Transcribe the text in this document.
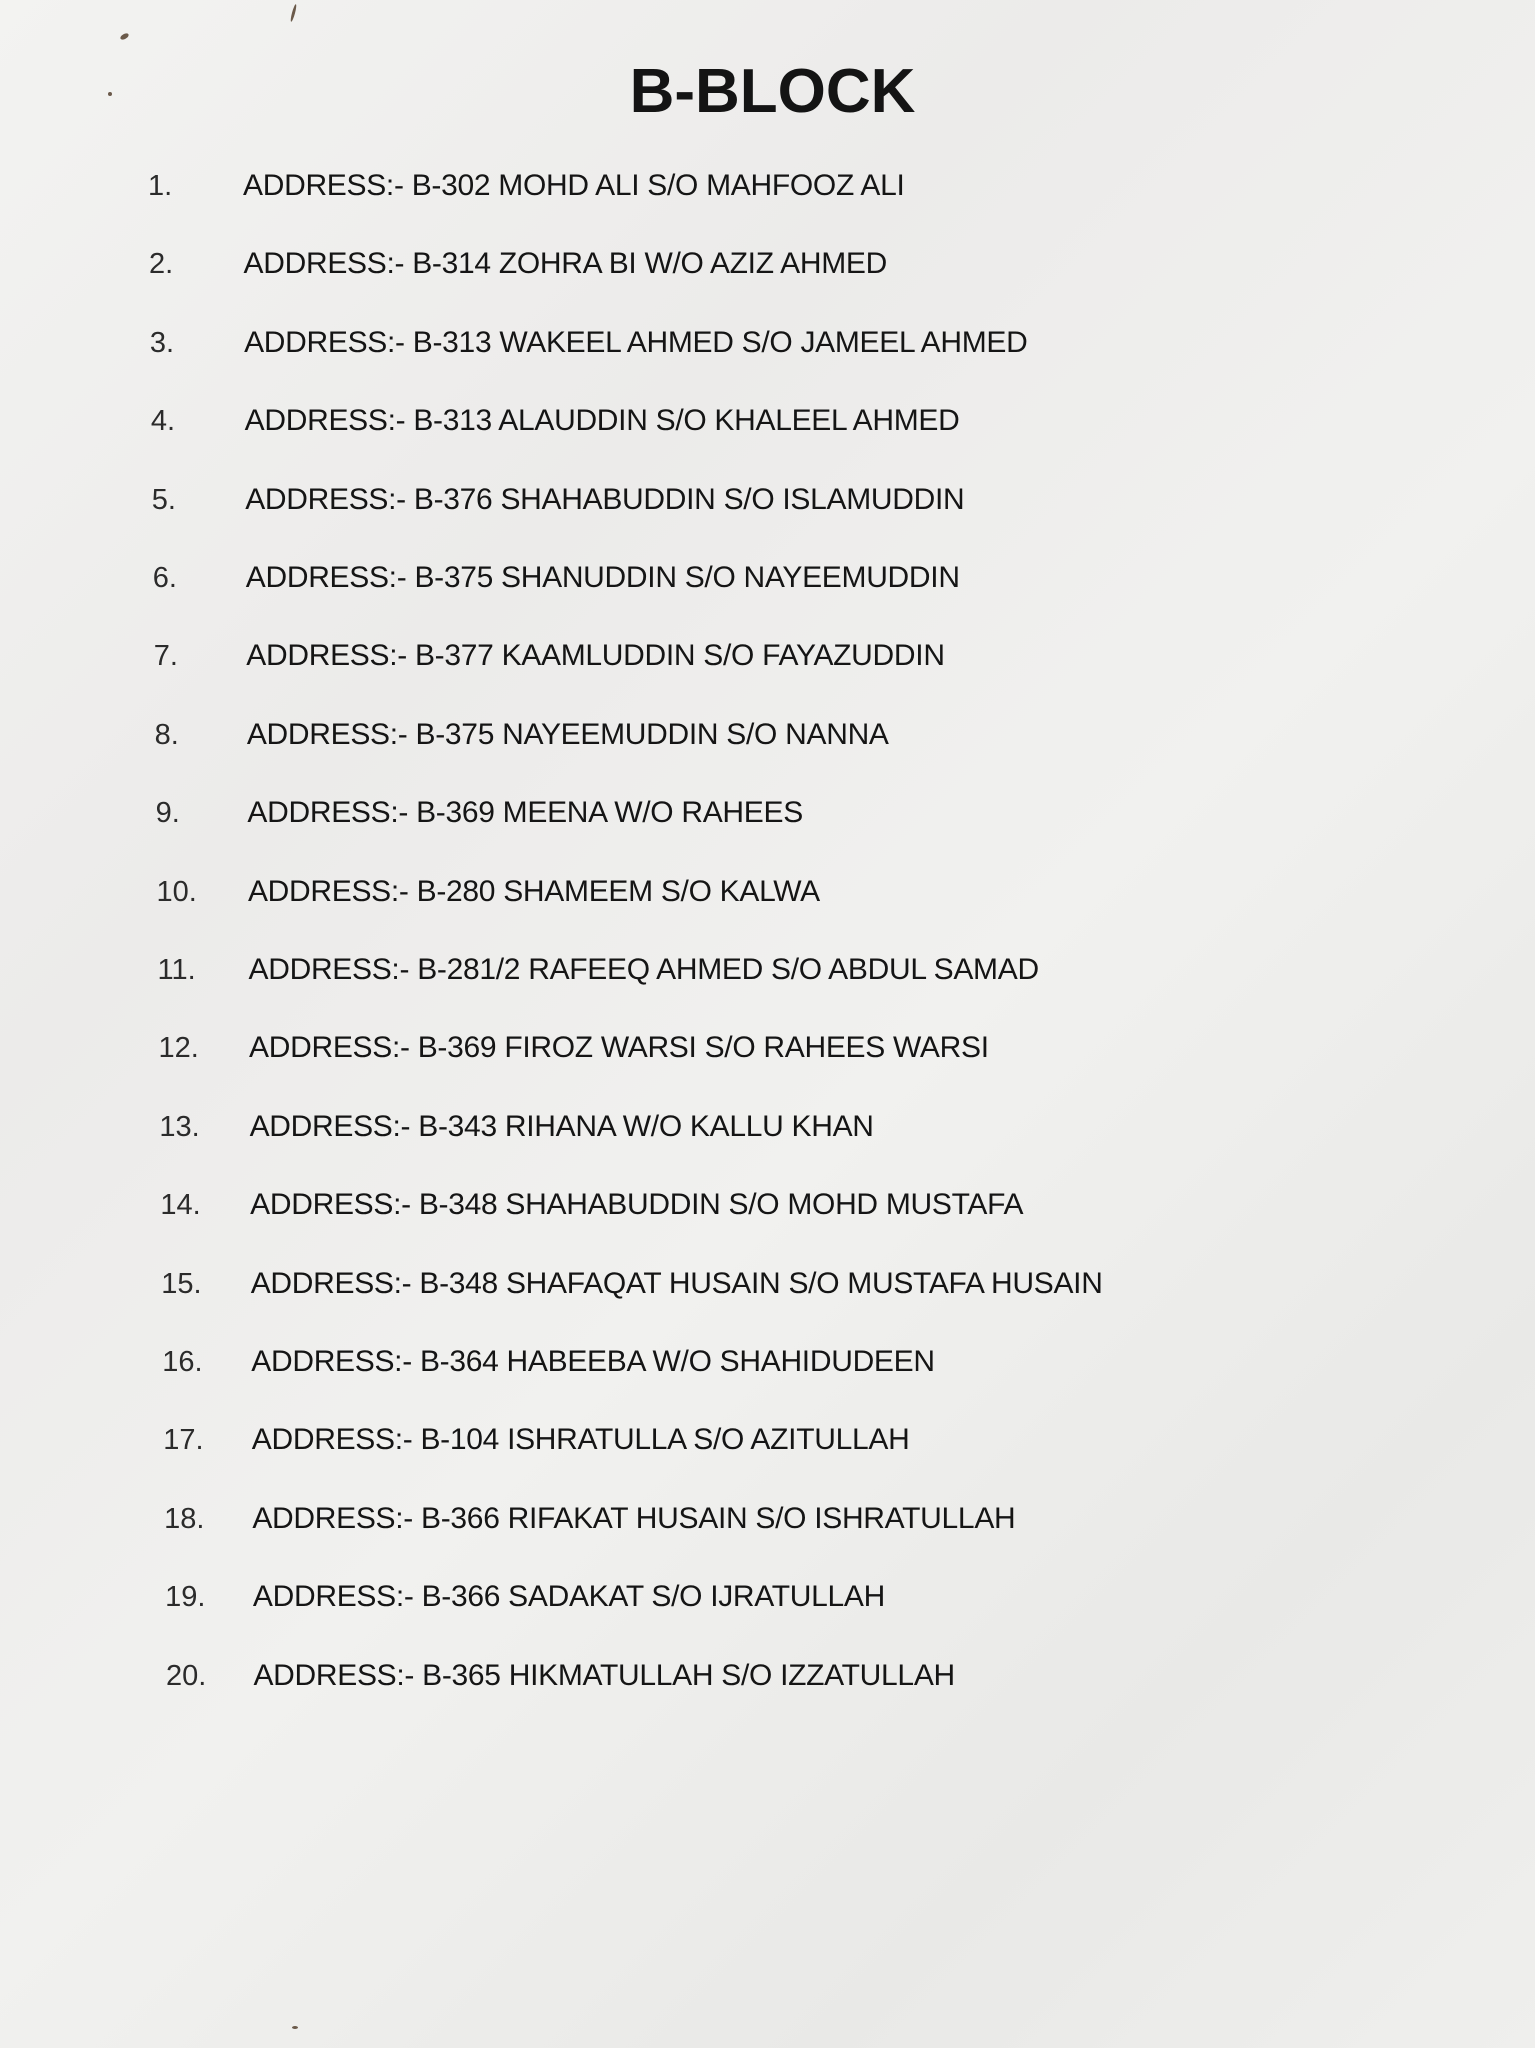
B-BLOCK
1. ADDRESS:- B-302 MOHD ALI S/O MAHFOOZ ALI
2. ADDRESS:- B-314 ZOHRA BI W/O AZIZ AHMED
3. ADDRESS:- B-313 WAKEEL AHMED S/O JAMEEL AHMED
4. ADDRESS:- B-313 ALAUDDIN S/O KHALEEL AHMED
5. ADDRESS:- B-376 SHAHABUDDIN S/O ISLAMUDDIN
6. ADDRESS:- B-375 SHANUDDIN S/O NAYEEMUDDIN
7. ADDRESS:- B-377 KAAMLUDDIN S/O FAYAZUDDIN
8. ADDRESS:- B-375 NAYEEMUDDIN S/O NANNA
9. ADDRESS:- B-369 MEENA W/O RAHEES
10. ADDRESS:- B-280 SHAMEEM S/O KALWA
11. ADDRESS:- B-281/2 RAFEEQ AHMED S/O ABDUL SAMAD
12. ADDRESS:- B-369 FIROZ WARSI S/O RAHEES WARSI
13. ADDRESS:- B-343 RIHANA W/O KALLU KHAN
14. ADDRESS:- B-348 SHAHABUDDIN S/O MOHD MUSTAFA
15. ADDRESS:- B-348 SHAFAQAT HUSAIN S/O MUSTAFA HUSAIN
16. ADDRESS:- B-364 HABEEBA W/O SHAHIDUDEEN
17. ADDRESS:- B-104 ISHRATULLA S/O AZITULLAH
18. ADDRESS:- B-366 RIFAKAT HUSAIN S/O ISHRATULLAH
19. ADDRESS:- B-366 SADAKAT S/O IJRATULLAH
20. ADDRESS:- B-365 HIKMATULLAH S/O IZZATULLAH
